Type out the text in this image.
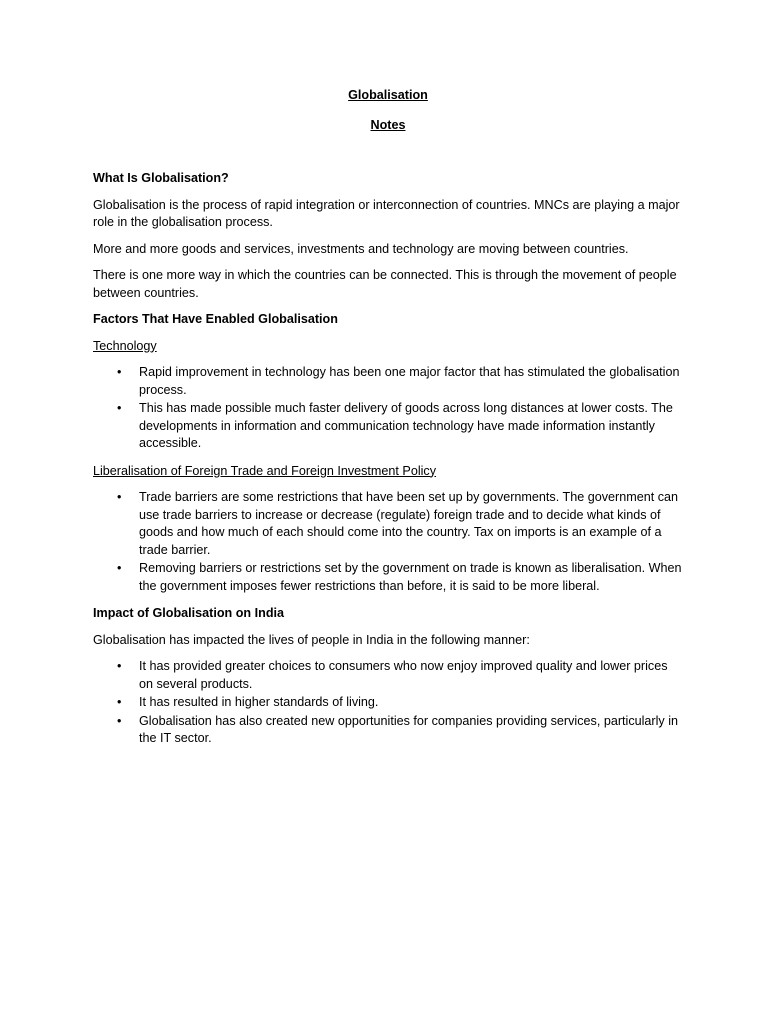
Globalisation
Notes
What Is Globalisation?

Globalisation is the process of rapid integration or interconnection of countries. MNCs are playing a major role in the globalisation process.

More and more goods and services, investments and technology are moving between countries.

There is one more way in which the countries can be connected. This is through the movement of people between countries.

Factors That Have Enabled Globalisation
Technology
• Rapid improvement in technology has been one major factor that has stimulated the globalisation process.
• This has made possible much faster delivery of goods across long distances at lower costs. The developments in information and communication technology have made information instantly accessible.
Liberalisation of Foreign Trade and Foreign Investment Policy
• Trade barriers are some restrictions that have been set up by governments. The government can use trade barriers to increase or decrease (regulate) foreign trade and to decide what kinds of goods and how much of each should come into the country. Tax on imports is an example of a trade barrier.
• Removing barriers or restrictions set by the government on trade is known as liberalisation. When the government imposes fewer restrictions than before, it is said to be more liberal.
Impact of Globalisation on India

Globalisation has impacted the lives of people in India in the following manner:

• It has provided greater choices to consumers who now enjoy improved quality and lower prices on several products.
• It has resulted in higher standards of living.
• Globalisation has also created new opportunities for companies providing services, particularly in the IT sector.
